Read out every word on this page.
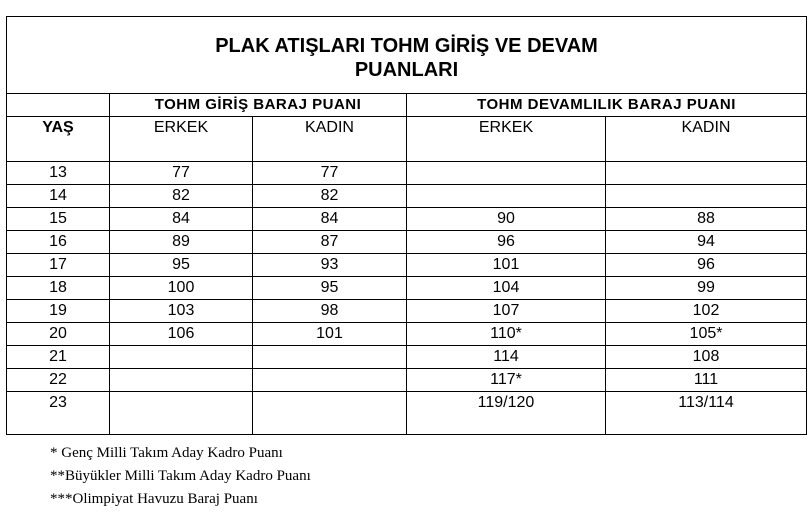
PLAK ATIŞLARI TOHM GİRİŞ VE DEVAM
PUANLARI				

	TOHM GİRİŞ BARAJ PUANI		TOHM DEVAMLILIK BARAJ PUANI	
YAŞ	ERKEK	KADIN	ERKEK	KADIN
13	77	77		
14	82	82		
15	84	84	90	88
16	89	87	96	94
17	95	93	101	96
18	100	95	104	99
19	103	98	107	102
20	106	101	110*	105*
21			114	108
22			117*	111
23			119/120	113/114
* Genç Milli Takım Aday Kadro Puanı
**Büyükler Milli Takım Aday Kadro Puanı
***Olimpiyat Havuzu Baraj Puanı
